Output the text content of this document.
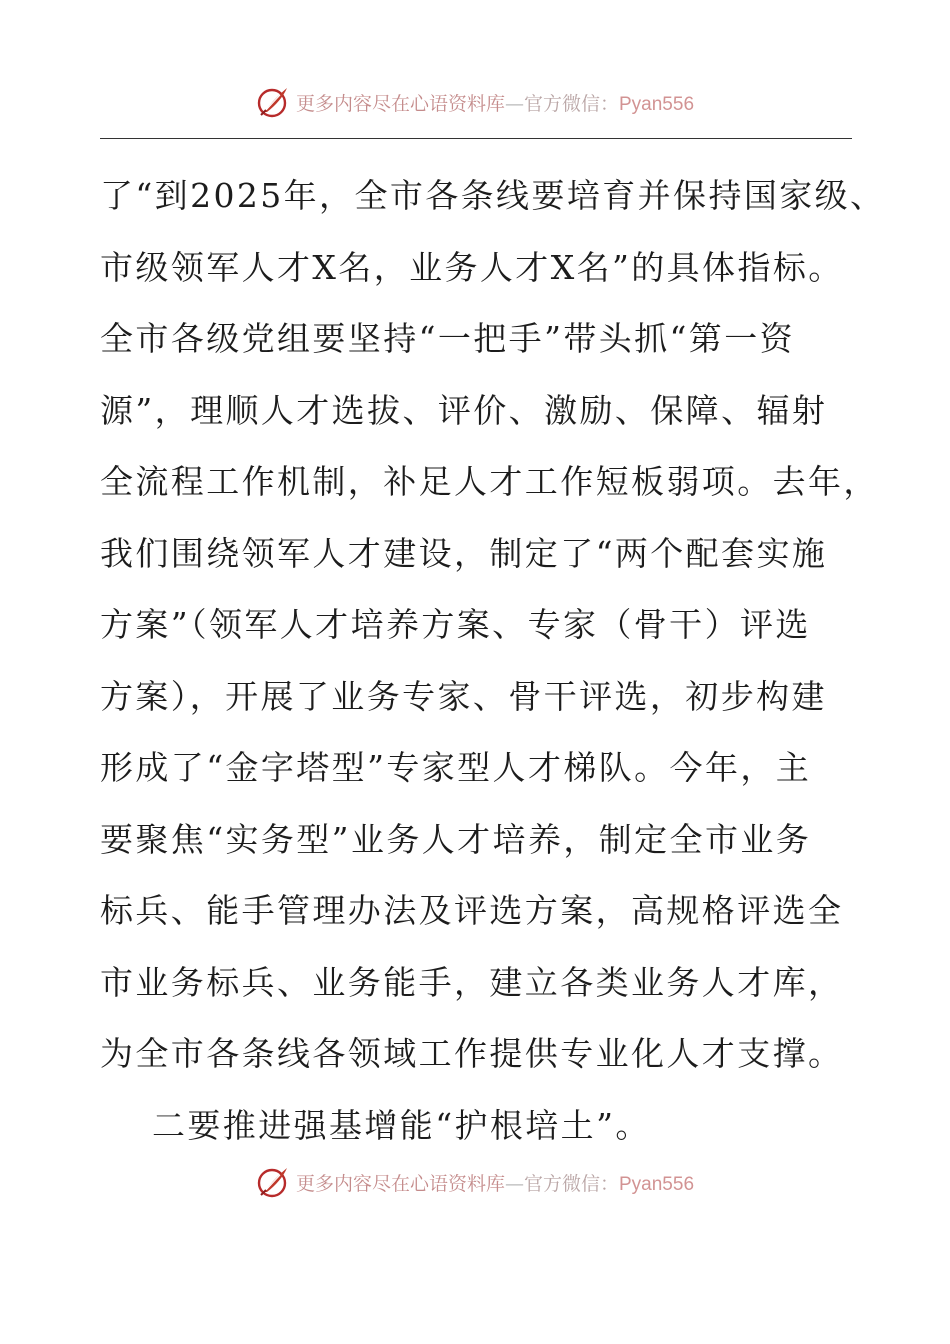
更多内容尽在心语资料库—官方微信：Pyan556
了“到2025年，全市各条线要培育并保持国家级、
市级领军人才X名，业务人才X名”的具体指标。
全市各级党组要坚持“一把手”带头抓“第一资
源”，理顺人才选拔、评价、激励、保障、辐射
全流程工作机制，补足人才工作短板弱项。去年，
我们围绕领军人才建设，制定了“两个配套实施
方案”（领军人才培养方案、专家（骨干）评选
方案），开展了业务专家、骨干评选，初步构建
形成了“金字塔型”专家型人才梯队。今年，主
要聚焦“实务型”业务人才培养，制定全市业务
标兵、能手管理办法及评选方案，高规格评选全
市业务标兵、业务能手，建立各类业务人才库，
为全市各条线各领域工作提供专业化人才支撑。
二要推进强基增能“护根培土”。
更多内容尽在心语资料库—官方微信：Pyan556
